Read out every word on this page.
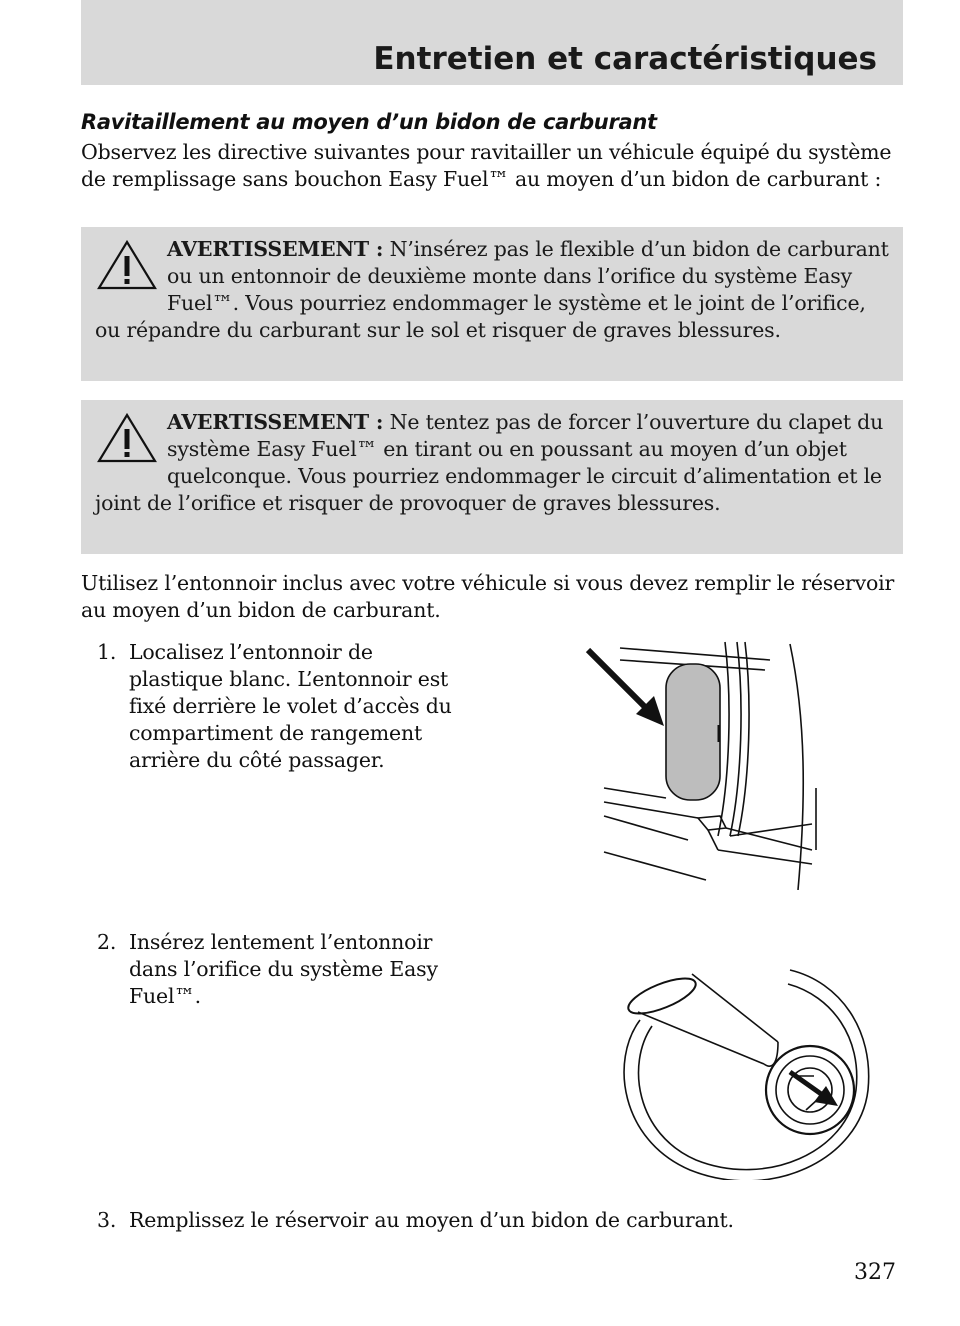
Entretien et caractéristiques
Ravitaillement au moyen d’un bidon de carburant
Observez les directive suivantes pour ravitailler un véhicule équipé du système de remplissage sans bouchon Easy Fuel™ au moyen d’un bidon de carburant :
AVERTISSEMENT : N’insérez pas le flexible d’un bidon de carburant ou un entonnoir de deuxième monte dans l’orifice du système Easy Fuel™. Vous pourriez endommager le système et le joint de l’orifice, ou répandre du carburant sur le sol et risquer de graves blessures.
AVERTISSEMENT : Ne tentez pas de forcer l’ouverture du clapet du système Easy Fuel™ en tirant ou en poussant au moyen d’un objet quelconque. Vous pourriez endommager le circuit d’alimentation et le joint de l’orifice et risquer de provoquer de graves blessures.
Utilisez l’entonnoir inclus avec votre véhicule si vous devez remplir le réservoir au moyen d’un bidon de carburant.
1. Localisez l’entonnoir de
plastique blanc. L’entonnoir est
fixé derrière le volet d’accès du
compartiment de rangement
arrière du côté passager.
2. Insérez lentement l’entonnoir
dans l’orifice du système Easy
Fuel™.
3. Remplissez le réservoir au moyen d’un bidon de carburant.
327
